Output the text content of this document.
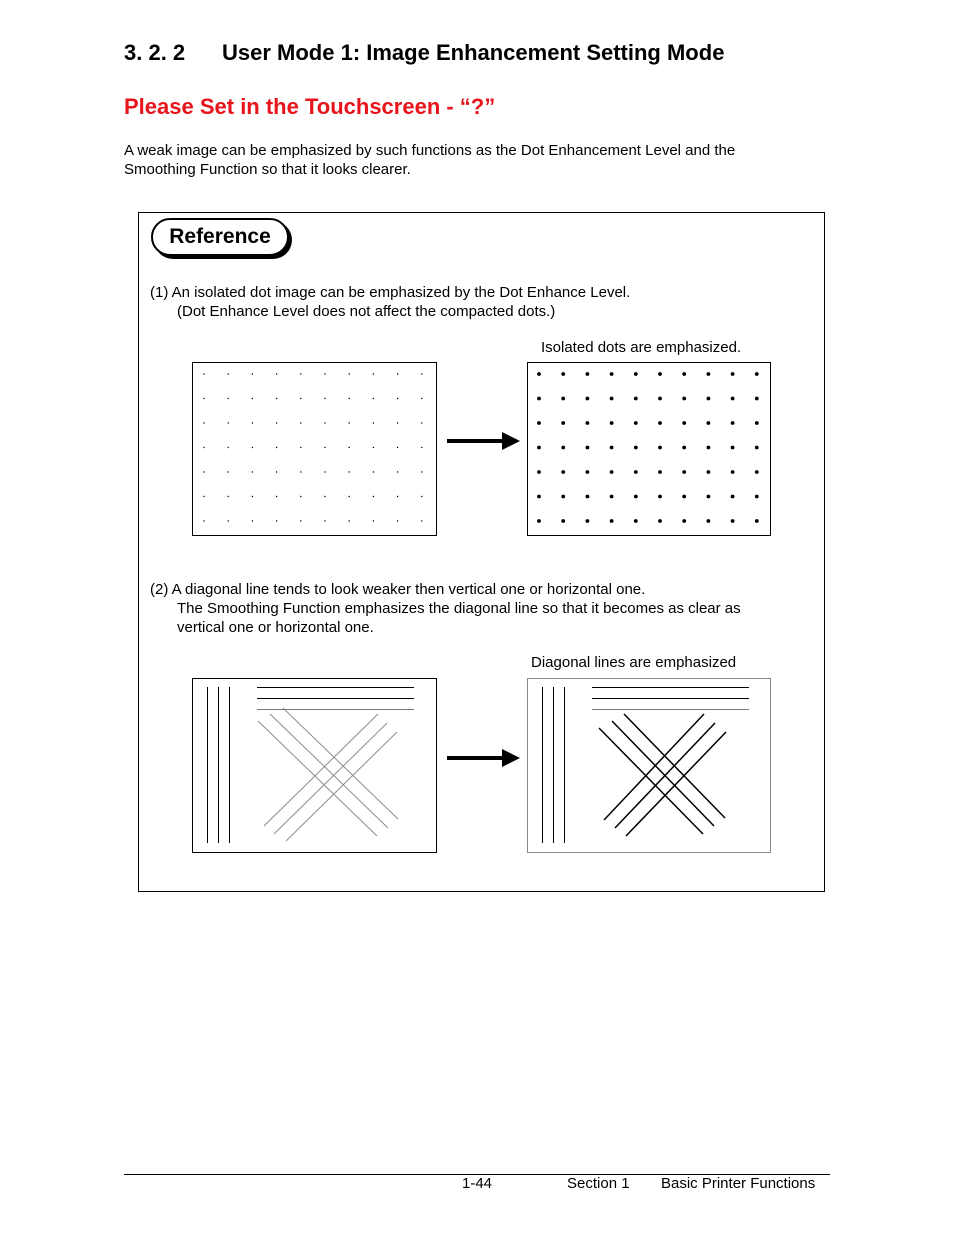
3. 2. 2 User Mode 1: Image Enhancement Setting Mode
Please Set in the Touchscreen - “?”

A weak image can be emphasized by such functions as the Dot Enhancement Level and the

Smoothing Function so that it looks clearer.

Reference

(1) An isolated dot image can be emphasized by the Dot Enhance Level.

(Dot Enhance Level does not affect the compacted dots.)

Isolated dots are emphasized.

(2) A diagonal line tends to look weaker then vertical one or horizontal one.

The Smoothing Function emphasizes the diagonal line so that it becomes as clear as

vertical one or horizontal one.

Diagonal lines are emphasized
1-44	Section 1 Basic Printer Functions
